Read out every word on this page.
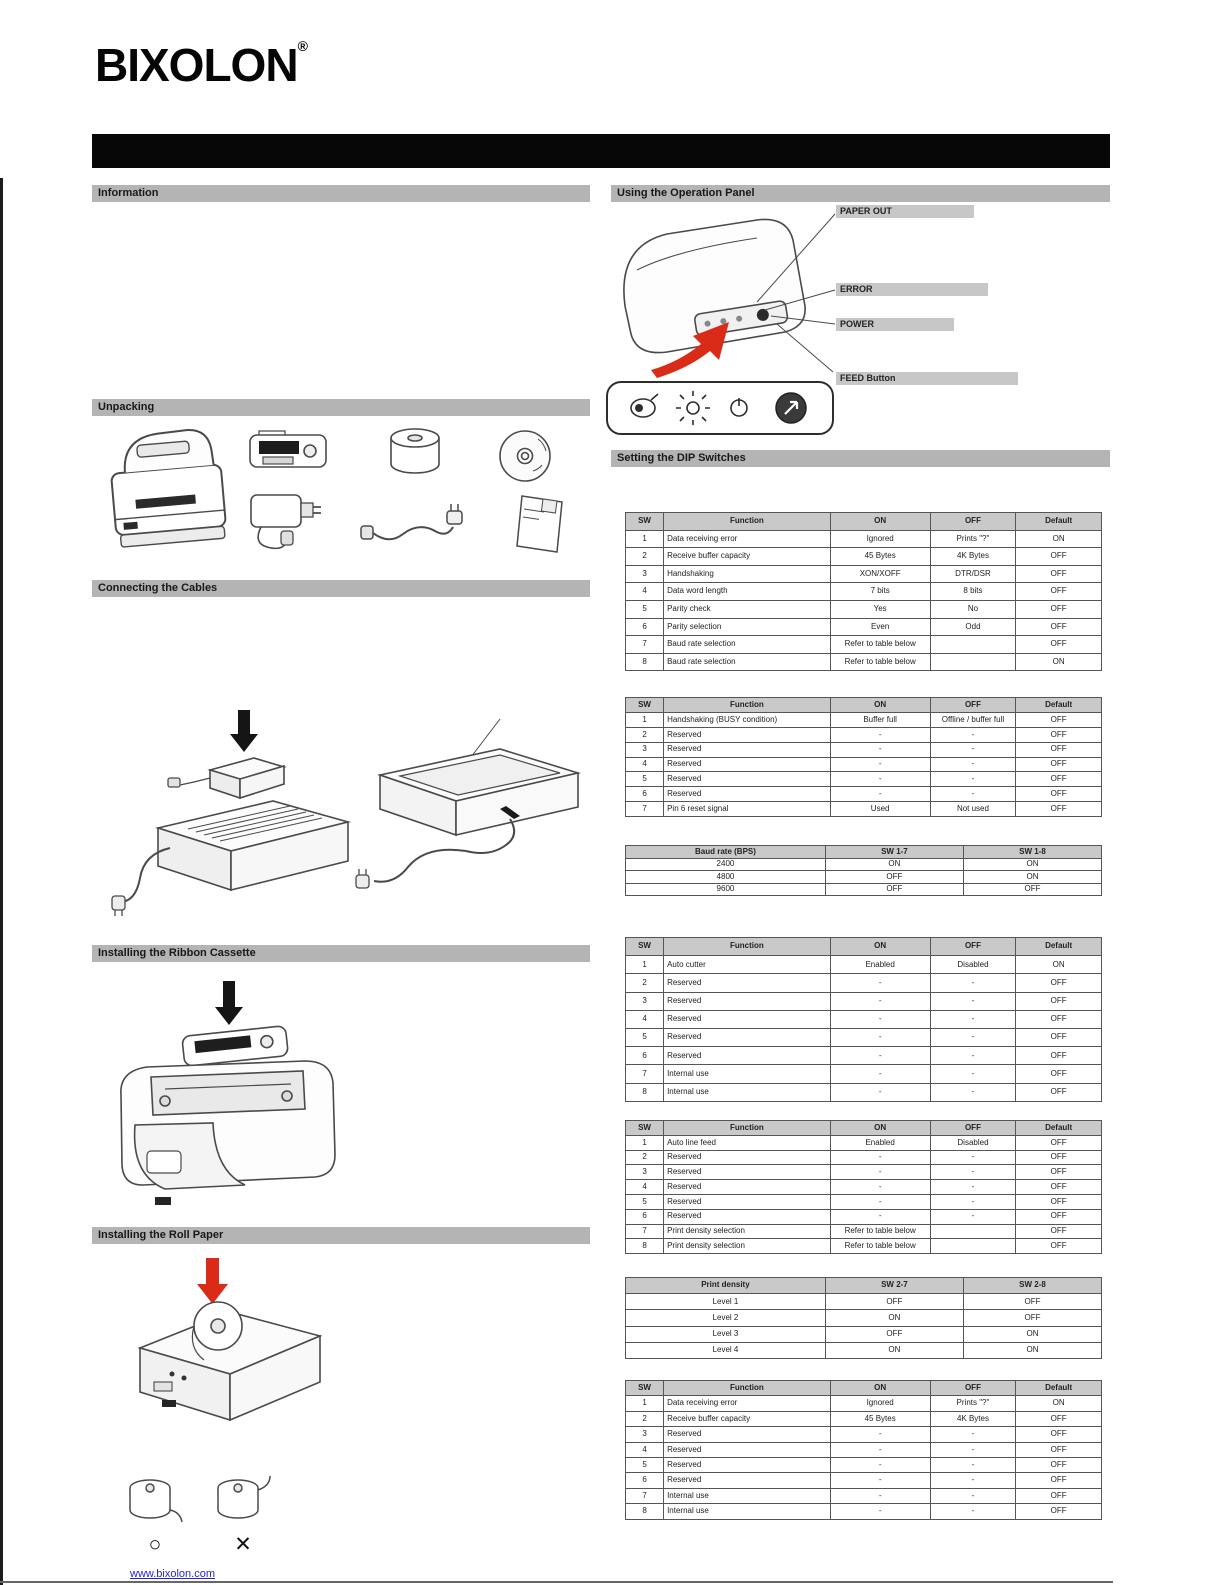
BIXOLON®
Information
Unpacking
Connecting the Cables
Installing the Ribbon Cassette
Installing the Roll Paper
Using the Operation Panel
Setting the DIP Switches
○	✕
PAPER OUT
ERROR
POWER
FEED Button
SW	Function	ON	OFF	Default
1	Data receiving error	Ignored	Prints "?"	ON
2	Receive buffer capacity	45 Bytes	4K Bytes	OFF
3	Handshaking	XON/XOFF	DTR/DSR	OFF
4	Data word length	7 bits	8 bits	OFF
5	Parity check	Yes	No	OFF
6	Parity selection	Even	Odd	OFF
7	Baud rate selection	Refer to table below		OFF
8	Baud rate selection	Refer to table below		ON
SW	Function	ON	OFF	Default
1	Handshaking (BUSY condition)	Buffer full	Offline / buffer full	OFF
2	Reserved	-	-	OFF
3	Reserved	-	-	OFF
4	Reserved	-	-	OFF
5	Reserved	-	-	OFF
6	Reserved	-	-	OFF
7	Pin 6 reset signal	Used	Not used	OFF
Baud rate (BPS)	SW 1-7	SW 1-8
2400	ON	ON
4800	OFF	ON
9600	OFF	OFF
SW	Function	ON	OFF	Default
1	Auto cutter	Enabled	Disabled	ON
2	Reserved	-	-	OFF
3	Reserved	-	-	OFF
4	Reserved	-	-	OFF
5	Reserved	-	-	OFF
6	Reserved	-	-	OFF
7	Internal use	-	-	OFF
8	Internal use	-	-	OFF
SW	Function	ON	OFF	Default
1	Auto line feed	Enabled	Disabled	OFF
2	Reserved	-	-	OFF
3	Reserved	-	-	OFF
4	Reserved	-	-	OFF
5	Reserved	-	-	OFF
6	Reserved	-	-	OFF
7	Print density selection	Refer to table below		OFF
8	Print density selection	Refer to table below		OFF
Print density	SW 2-7	SW 2-8
Level 1	OFF	OFF
Level 2	ON	OFF
Level 3	OFF	ON
Level 4	ON	ON
SW	Function	ON	OFF	Default
1	Data receiving error	Ignored	Prints "?"	ON
2	Receive buffer capacity	45 Bytes	4K Bytes	OFF
3	Reserved	-	-	OFF
4	Reserved	-	-	OFF
5	Reserved	-	-	OFF
6	Reserved	-	-	OFF
7	Internal use	-	-	OFF
8	Internal use	-	-	OFF
www.bixolon.com
